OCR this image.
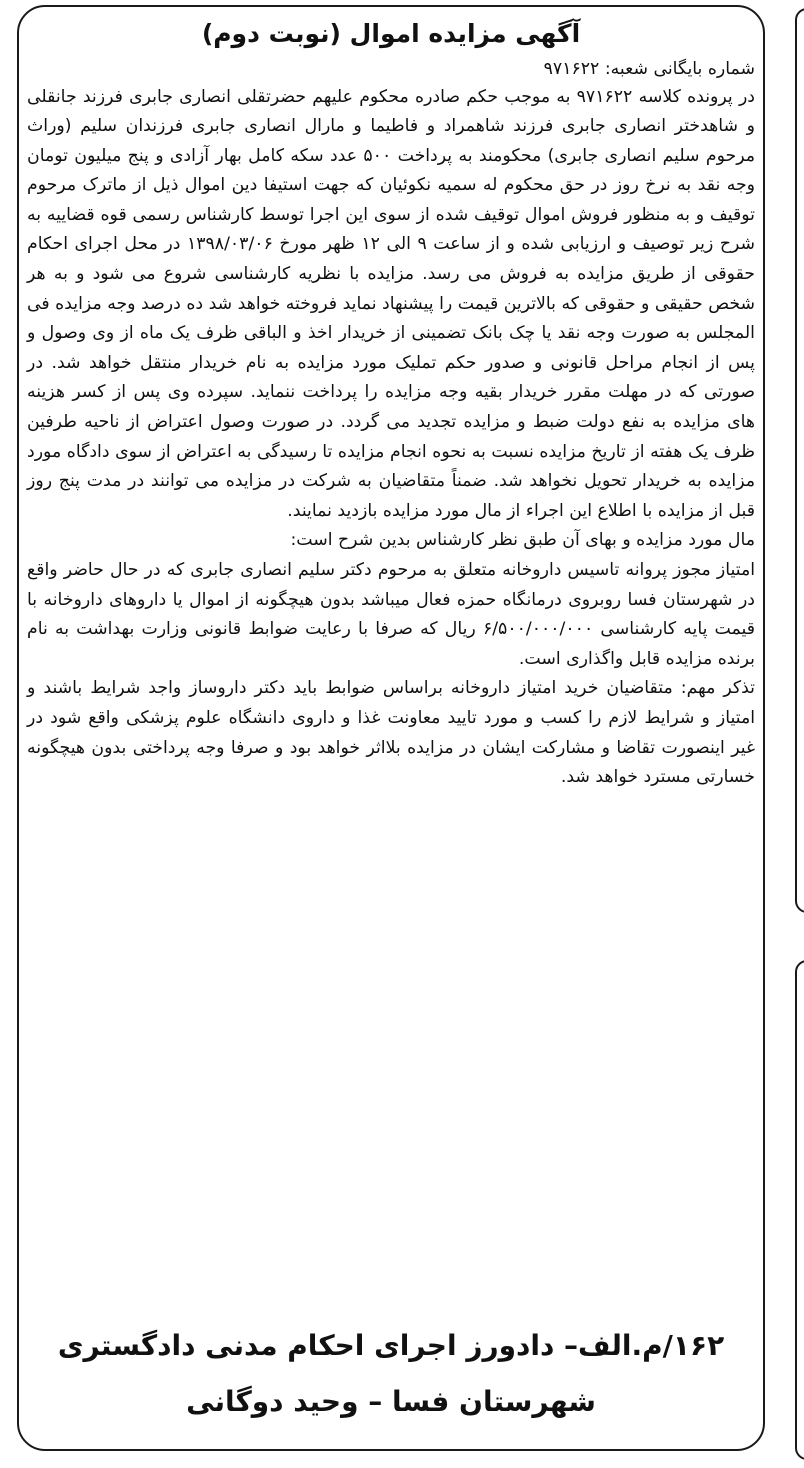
آگهی مزایده اموال (نوبت دوم)

شماره بایگانی شعبه: ۹۷۱۶۲۲

در پرونده کلاسه ۹۷۱۶۲۲ به موجب حکم صادره محکوم علیهم حضرتقلی انصاری جابری فرزند جانقلی و شاهدختر انصاری جابری فرزند شاهمراد و فاطیما و مارال انصاری جابری فرزندان سلیم (وراث مرحوم سلیم انصاری جابری) محکومند به پرداخت ۵۰۰ عدد سکه کامل بهار آزادی و پنج میلیون تومان وجه نقد به نرخ روز در حق محکوم له سمیه نکوئیان که جهت استیفا دین اموال ذیل از ماترک مرحوم توقیف و به منظور فروش اموال توقیف شده از سوی این اجرا توسط کارشناس رسمی قوه قضاییه به شرح زیر توصیف و ارزیابی شده و از ساعت ۹ الی ۱۲ ظهر مورخ ۱۳۹۸/۰۳/۰۶ در محل اجرای احکام حقوقی از طریق مزایده به فروش می رسد. مزایده با نظریه کارشناسی شروع می شود و به هر شخص حقیقی و حقوقی که بالاترین قیمت را پیشنهاد نماید فروخته خواهد شد ده درصد وجه مزایده فی المجلس به صورت وجه نقد یا چک بانک تضمینی از خریدار اخذ و الباقی ظرف یک ماه از وی وصول و پس از انجام مراحل قانونی و صدور حکم تملیک مورد مزایده به نام خریدار منتقل خواهد شد. در صورتی که در مهلت مقرر خریدار بقیه وجه مزایده را پرداخت ننماید. سپرده وی پس از کسر هزینه های مزایده به نفع دولت ضبط و مزایده تجدید می گردد. در صورت وصول اعتراض از ناحیه طرفین ظرف یک هفته از تاریخ مزایده نسبت به نحوه انجام مزایده تا رسیدگی به اعتراض از سوی دادگاه مورد مزایده به خریدار تحویل نخواهد شد. ضمناً متقاضیان به شرکت در مزایده می توانند در مدت پنج روز قبل از مزایده با اطلاع این اجراء از مال مورد مزایده بازدید نمایند.

مال مورد مزایده و بهای آن طبق نظر کارشناس بدین شرح است:

امتیاز مجوز پروانه تاسیس داروخانه متعلق به مرحوم دکتر سلیم انصاری جابری که در حال حاضر واقع در شهرستان فسا روبروی درمانگاه حمزه فعال میباشد بدون هیچگونه از اموال یا داروهای داروخانه با قیمت پایه کارشناسی ۶/۵۰۰/۰۰۰/۰۰۰ ریال که صرفا با رعایت ضوابط قانونی وزارت بهداشت به نام برنده مزایده قابل واگذاری است.

تذکر مهم: متقاضیان خرید امتیاز داروخانه براساس ضوابط باید دکتر داروساز واجد شرایط باشند و امتیاز و شرایط لازم را کسب و مورد تایید معاونت غذا و داروی دانشگاه علوم پزشکی واقع شود در غیر اینصورت تقاضا و مشارکت ایشان در مزایده بلااثر خواهد بود و صرفا وجه پرداختی بدون هیچگونه خسارتی مسترد خواهد شد.

۱۶۲/م.الف– دادورز اجرای احکام مدنی دادگستری

شهرستان فسا – وحید دوگانی
